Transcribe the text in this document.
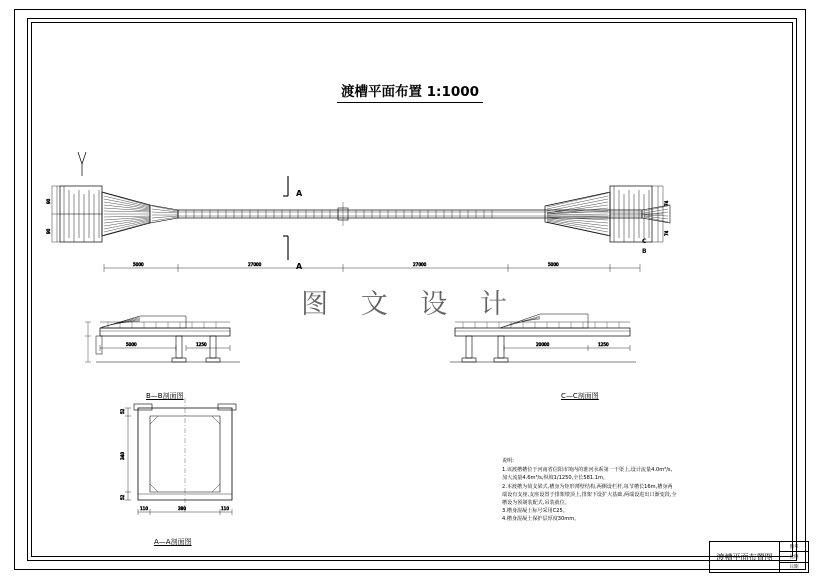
渡槽平面布置 1:1000
图 文 设 计
B—B剖面图	C—C剖面图
A—A剖面图
A
A
C
B
说明:
1.该渡槽槽位于河南省信阳市境内的淮河水系第一干渠上,设计流量4.0m³/s,加大流量4.6m³/s,纵坡1/1250,全长581.1m。
2.本渡槽为简支梁式,槽身为矩形薄壁结构,两侧设栏杆,每节槽长16m,槽身两端设有支座,支座设置于排架墩顶上,排架下设扩大基础,两端设进出口渐变段,全槽设为预制装配式,吊装就位。
3.槽身混凝土标号采用C25。
4.槽身混凝土保护层厚度30mm。
渡槽平面布置图
图号
比例
日期
90
90
74
74
5000	27000	27000	5000
5000	1250	20000	1250
110	380	110
52
340
52
